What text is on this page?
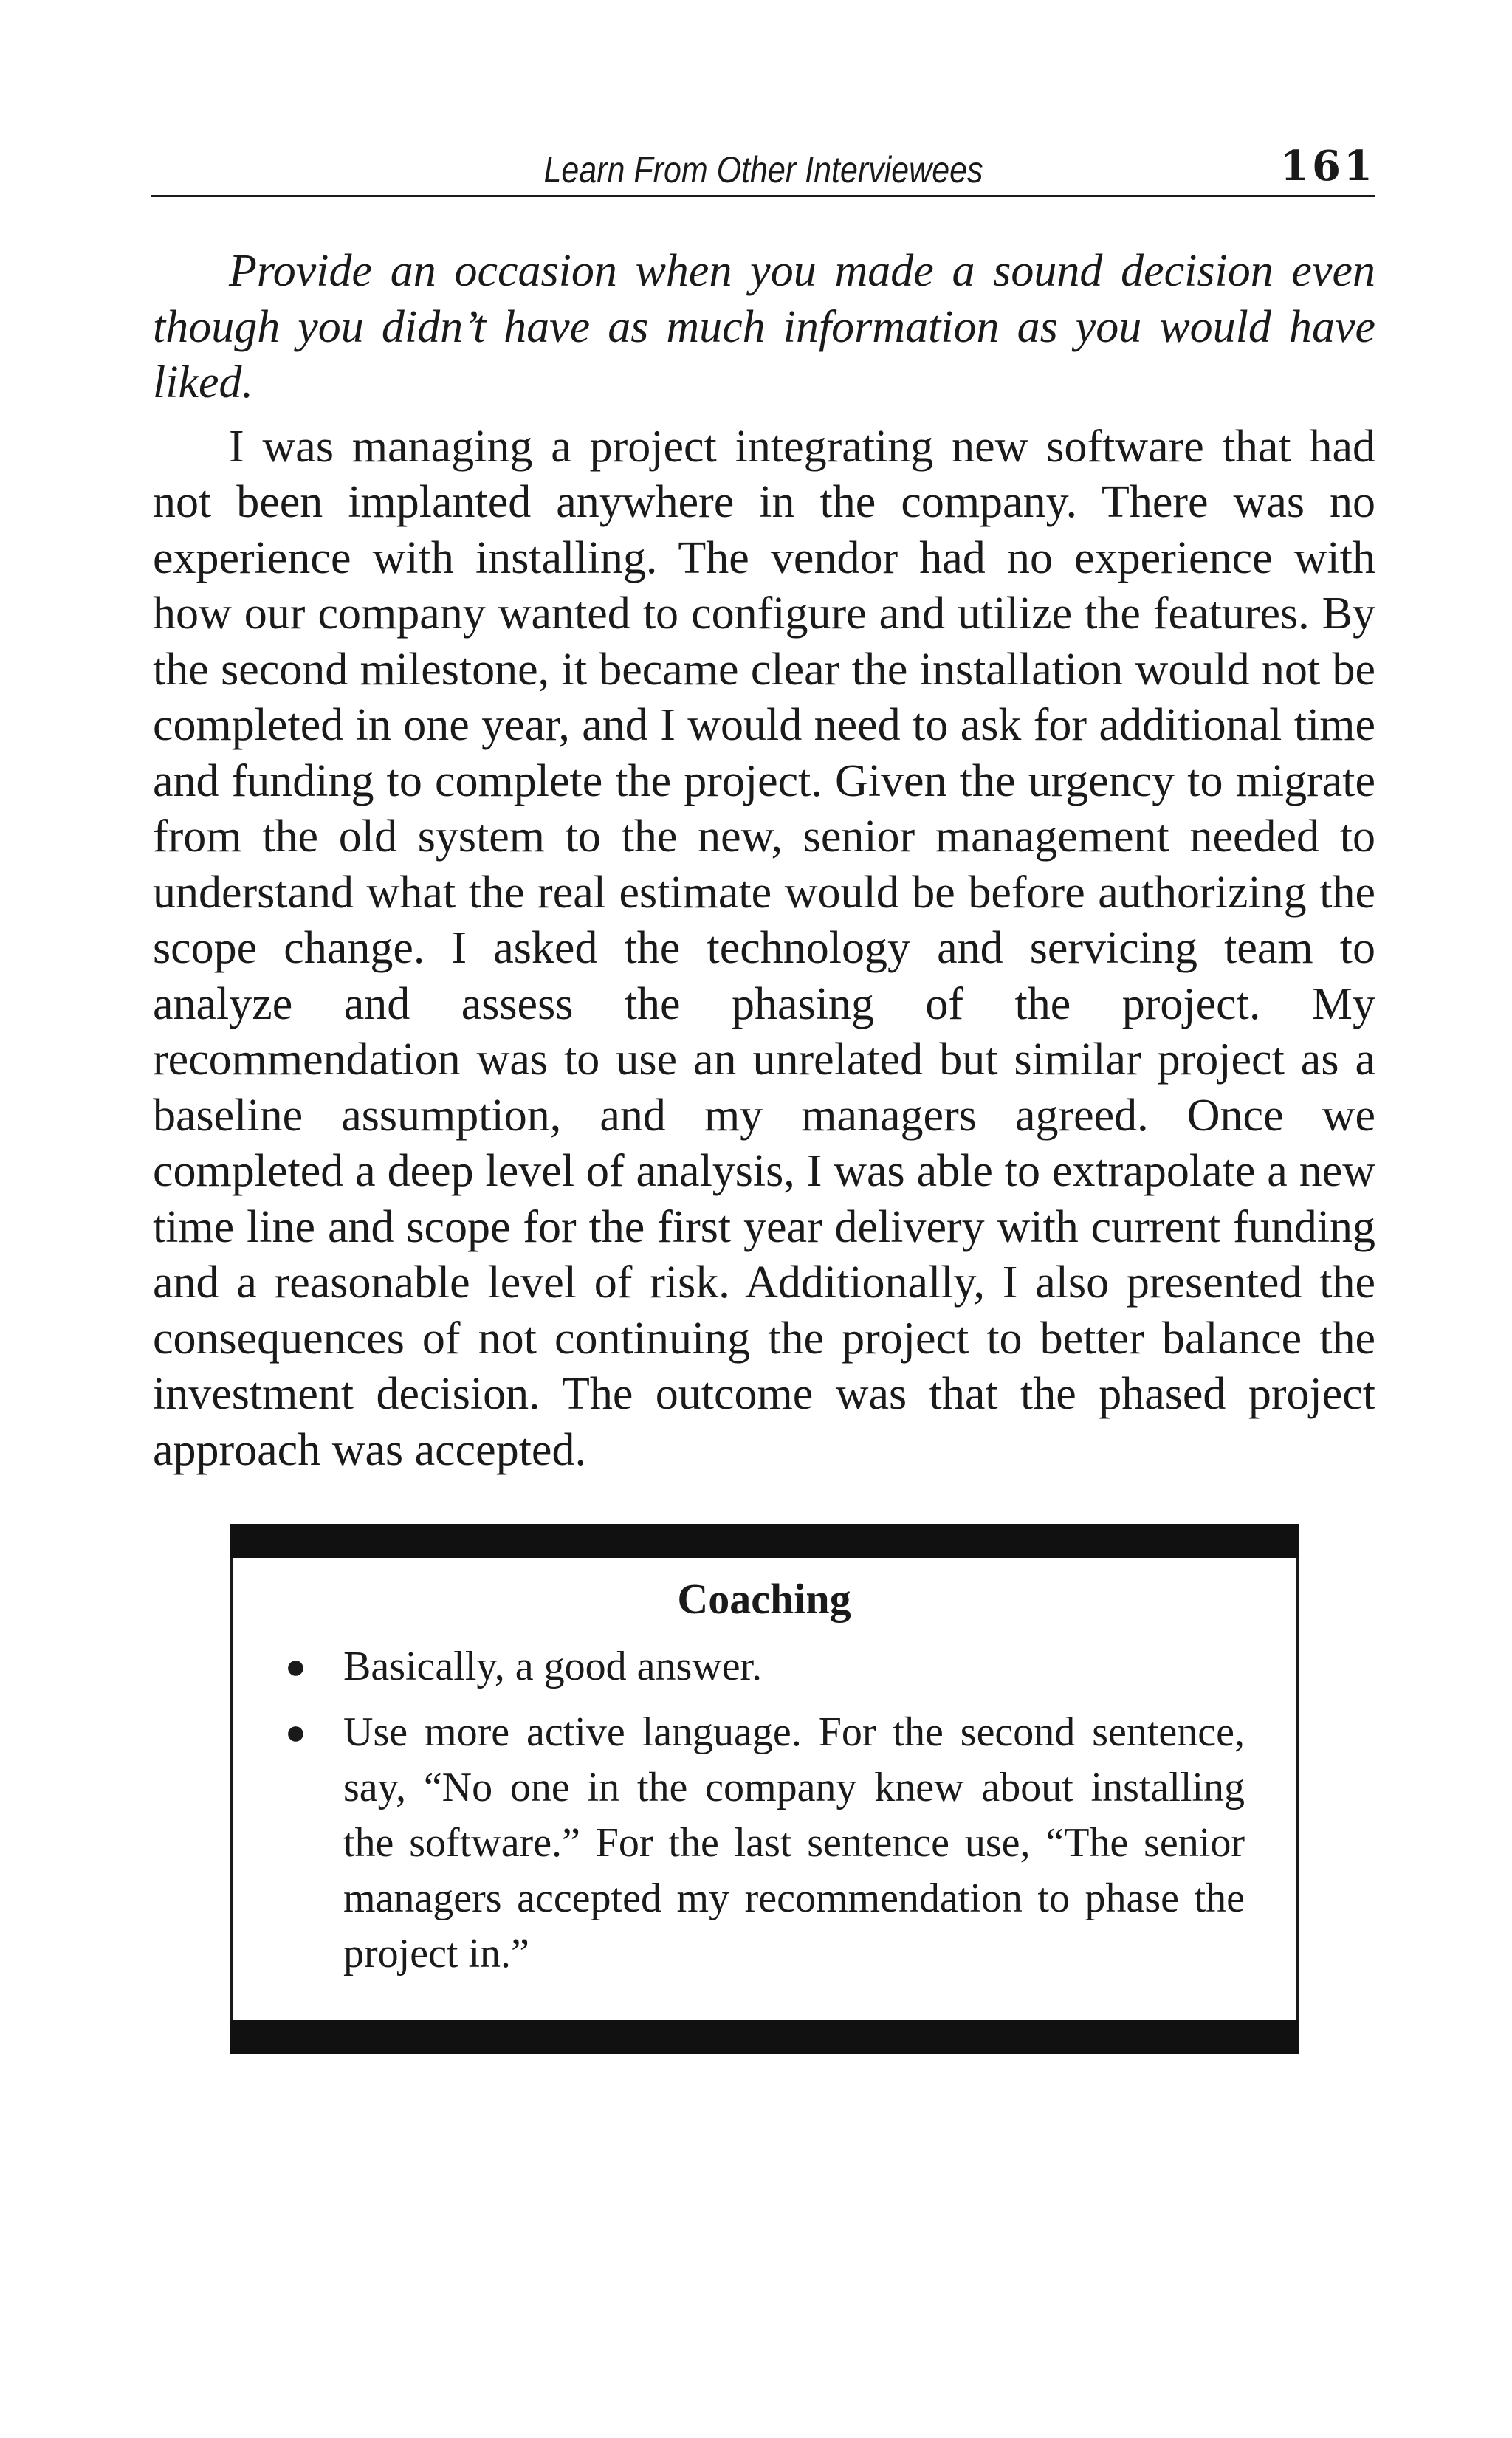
Learn From Other Interviewees	161

Provide an occasion when you made a sound decision even though you didn’t have as much information as you would have liked.

I was managing a project integrating new software that had not been implanted anywhere in the company. There was no experience with installing. The vendor had no experience with how our company wanted to configure and utilize the features. By the second milestone, it became clear the installation would not be completed in one year, and I would need to ask for additional time and funding to complete the project. Given the urgency to migrate from the old system to the new, senior management needed to understand what the real estimate would be before authorizing the scope change. I asked the technology and servicing team to analyze and assess the phasing of the project. My recommendation was to use an unrelated but similar project as a baseline assumption, and my managers agreed. Once we completed a deep level of analysis, I was able to extrapolate a new time line and scope for the first year delivery with current funding and a reasonable level of risk. Additionally, I also presented the consequences of not continuing the project to better balance the investment decision. The outcome was that the phased project approach was accepted.

Coaching
● Basically, a good answer.
● Use more active language. For the second sentence, say, “No one in the company knew about installing the software.” For the last sentence use, “The senior managers accepted my recommendation to phase the project in.”
